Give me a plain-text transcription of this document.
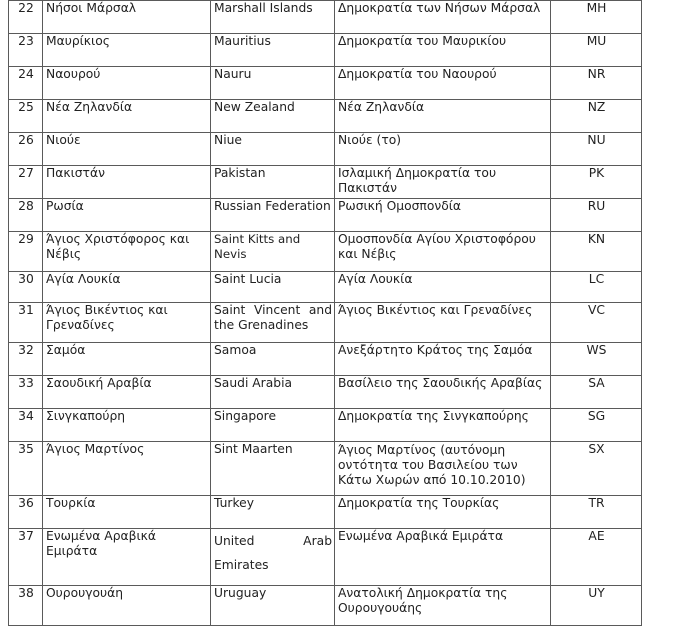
22	Νήσοι Μάρσαλ	Marshall Islands	Δημοκρατία των Νήσων Μάρσαλ	MH
23	Μαυρίκιος	Mauritius	Δημοκρατία του Μαυρικίου	MU
24	Ναουρού	Nauru	Δημοκρατία του Ναουρού	NR
25	Νέα Ζηλανδία	New Zealand	Νέα Ζηλανδία	NZ
26	Νιούε	Niue	Νιούε (το)	NU
27	Πακιστάν	Pakistan	Ισλαμική Δημοκρατία του Πακιστάν	PK
28	Ρωσία	Russian Federation	Ρωσική Ομοσπονδία	RU
29	Άγιος Χριστόφορος και Νέβις	Saint Kitts and Nevis	Ομοσπονδία Αγίου Χριστοφόρου και Νέβις	KN
30	Αγία Λουκία	Saint Lucia	Αγία Λουκία	LC
31	Άγιος Βικέντιος και Γρεναδίνες	Saint Vincent and the Grenadines	Άγιος Βικέντιος και Γρεναδίνες	VC
32	Σαμόα	Samoa	Ανεξάρτητο Κράτος της Σαμόα	WS
33	Σαουδική Αραβία	Saudi Arabia	Βασίλειο της Σαουδικής Αραβίας	SA
34	Σινγκαπούρη	Singapore	Δημοκρατία της Σινγκαπούρης	SG
35	Άγιος Μαρτίνος	Sint Maarten	Άγιος Μαρτίνος (αυτόνομη οντότητα του Βασιλείου των Κάτω Χωρών από 10.10.2010)	SX
36	Τουρκία	Turkey	Δημοκρατία της Τουρκίας	TR
37	Ενωμένα Αραβικά Εμιράτα	United Arab Emirates	Ενωμένα Αραβικά Εμιράτα	AE
38	Ουρουγουάη	Uruguay	Ανατολική Δημοκρατία της Ουρουγουάης	UY
